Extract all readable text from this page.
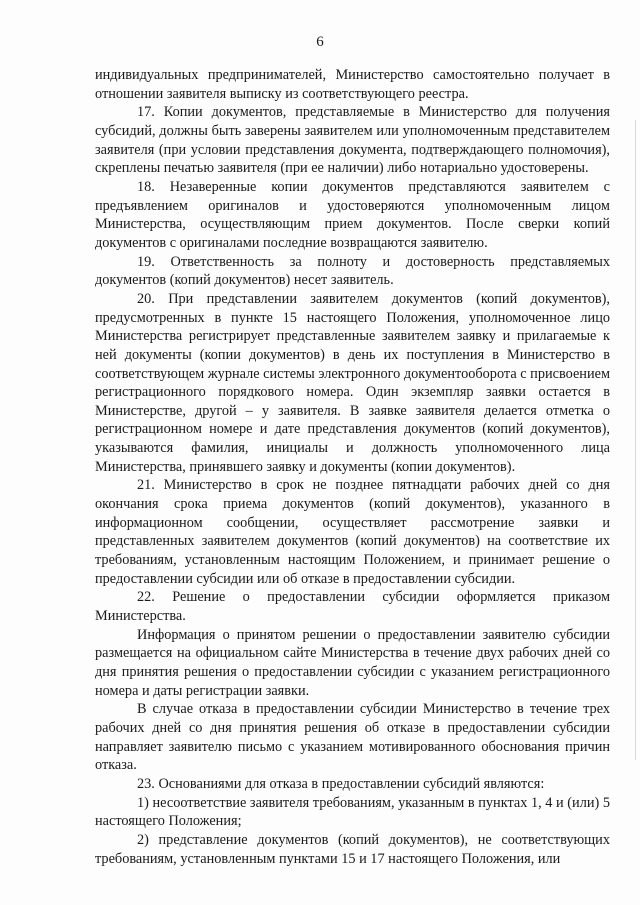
6

индивидуальных предпринимателей, Министерство самостоятельно получает в отношении заявителя выписку из соответствующего реестра.

17. Копии документов, представляемые в Министерство для получения субсидий, должны быть заверены заявителем или уполномоченным представителем заявителя (при условии представления документа, подтверждающего полномочия), скреплены печатью заявителя (при ее наличии) либо нотариально удостоверены.

18. Незаверенные копии документов представляются заявителем с предъявлением оригиналов и удостоверяются уполномоченным лицом Министерства, осуществляющим прием документов. После сверки копий документов с оригиналами последние возвращаются заявителю.

19. Ответственность за полноту и достоверность представляемых документов (копий документов) несет заявитель.

20. При представлении заявителем документов (копий документов), предусмотренных в пункте 15 настоящего Положения, уполномоченное лицо Министерства регистрирует представленные заявителем заявку и прилагаемые к ней документы (копии документов) в день их поступления в Министерство в соответствующем журнале системы электронного документооборота с присвоением регистрационного порядкового номера. Один экземпляр заявки остается в Министерстве, другой – у заявителя. В заявке заявителя делается отметка о регистрационном номере и дате представления документов (копий документов), указываются фамилия, инициалы и должность уполномоченного лица Министерства, принявшего заявку и документы (копии документов).

21. Министерство в срок не позднее пятнадцати рабочих дней со дня окончания срока приема документов (копий документов), указанного в информационном сообщении, осуществляет рассмотрение заявки и представленных заявителем документов (копий документов) на соответствие их требованиям, установленным настоящим Положением, и принимает решение о предоставлении субсидии или об отказе в предоставлении субсидии.

22. Решение о предоставлении субсидии оформляется приказом Министерства.

Информация о принятом решении о предоставлении заявителю субсидии размещается на официальном сайте Министерства в течение двух рабочих дней со дня принятия решения о предоставлении субсидии с указанием регистрационного номера и даты регистрации заявки.

В случае отказа в предоставлении субсидии Министерство в течение трех рабочих дней со дня принятия решения об отказе в предоставлении субсидии направляет заявителю письмо с указанием мотивированного обоснования причин отказа.

23. Основаниями для отказа в предоставлении субсидий являются:

1) несоответствие заявителя требованиям, указанным в пунктах 1, 4 и (или) 5 настоящего Положения;

2) представление документов (копий документов), не соответствующих требованиям, установленным пунктами 15 и 17 настоящего Положения, или
